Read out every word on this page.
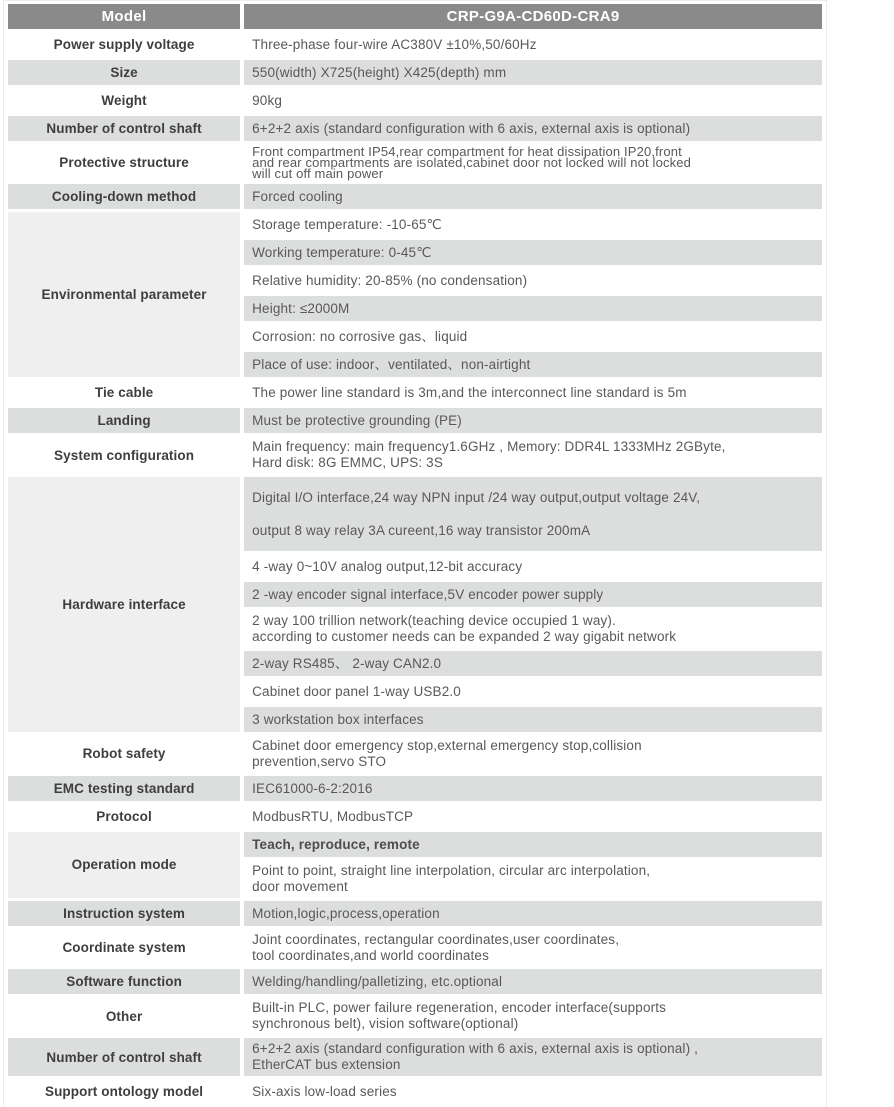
Model	CRP-G9A-CD60D-CRA9
Power supply voltage	Three-phase four-wire AC380V ±10%,50/60Hz
Size	550(width) X725(height) X425(depth) mm
Weight	90kg
Number of control shaft	6+2+2 axis (standard configuration with 6 axis, external axis is optional)
Protective structure	Front compartment IP54,rear compartment for heat dissipation IP20,front
and rear compartments are isolated,cabinet door not locked will not locked
will cut off main power
Cooling-down method	Forced cooling
Environmental parameter	Storage temperature: -10-65℃
	Working temperature: 0-45℃
	Relative humidity: 20-85% (no condensation)
	Height: ≤2000M
	Corrosion: no corrosive gas、liquid
	Place of use: indoor、ventilated、non-airtight
Tie cable	The power line standard is 3m,and the interconnect line standard is 5m
Landing	Must be protective grounding (PE)
System configuration	Main frequency: main frequency1.6GHz , Memory: DDR4L 1333MHz 2GByte,
Hard disk: 8G EMMC, UPS: 3S
Hardware interface	Digital I/O interface,24 way NPN input /24 way output,output voltage 24V,
output 8 way relay 3A cureent,16 way transistor 200mA
	4 -way 0~10V analog output,12-bit accuracy
	2 -way encoder signal interface,5V encoder power supply
	2 way 100 trillion network(teaching device occupied 1 way).
according to customer needs can be expanded 2 way gigabit network
	2-way RS485、 2-way CAN2.0
	Cabinet door panel 1-way USB2.0
	3 workstation box interfaces
Robot safety	Cabinet door emergency stop,external emergency stop,collision
prevention,servo STO
EMC testing standard	IEC61000-6-2:2016
Protocol	ModbusRTU, ModbusTCP
Operation mode	Teach, reproduce, remote
	Point to point, straight line interpolation, circular arc interpolation,
door movement
Instruction system	Motion,logic,process,operation
Coordinate system	Joint coordinates, rectangular coordinates,user coordinates,
tool coordinates,and world coordinates
Software function	Welding/handling/palletizing, etc.optional
Other	Built-in PLC, power failure regeneration, encoder interface(supports
synchronous belt), vision software(optional)
Number of control shaft	6+2+2 axis (standard configuration with 6 axis, external axis is optional) ,
EtherCAT bus extension
Support ontology model	Six-axis low-load series
